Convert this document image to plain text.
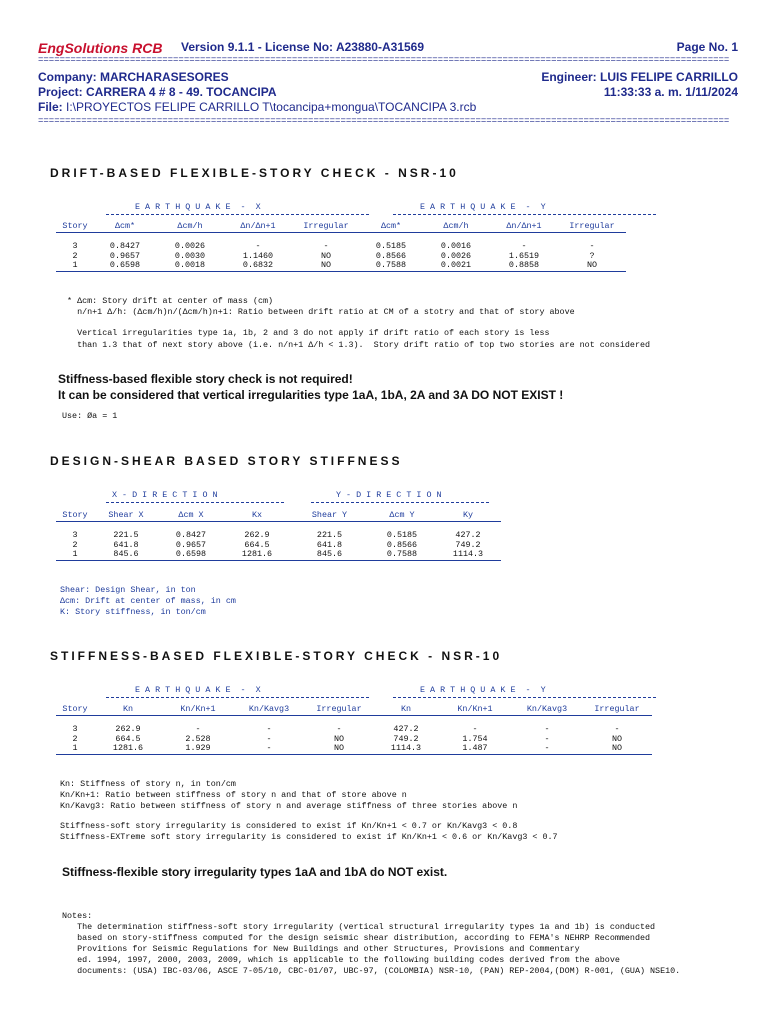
EngSolutions RCB Version 9.1.1 - License No: A23880-A31569	Page No. 1
================================================================================================================================
Company: MARCHARASESORES	Engineer: LUIS FELIPE CARRILLO
Project: CARRERA 4 # 8 - 49. TOCANCIPA	11:33:33 a. m. 1/11/2024
File: I:\PROYECTOS FELIPE CARRILLO T\tocancipa+mongua\TOCANCIPA 3.rcb
================================================================================================================================
DRIFT-BASED FLEXIBLE-STORY CHECK - NSR-10
E A R T H Q U A K E  -  X	E A R T H Q U A K E  -  Y
Story	Δcm*	Δcm/h	Δn/Δn+1	Irregular	Δcm*	Δcm/h	Δn/Δn+1	Irregular

3	0.8427	0.0026	-	-	0.5185	0.0016	-	-
2	0.9657	0.0030	1.1460	NO	0.8566	0.0026	1.6519	?
1	0.6598	0.0018	0.6832	NO	0.7588	0.0021	0.8858	NO

* Δcm: Story drift at center of mass (cm)
n/n+1 Δ/h: (Δcm/h)n/(Δcm/h)n+1: Ratio between drift ratio at CM of a stotry and that of story above
Vertical irregularities type 1a, 1b, 2 and 3 do not apply if drift ratio of each story is less
than 1.3 that of next story above (i.e. n/n+1 Δ/h < 1.3).  Story drift ratio of top two stories are not considered
Stiffness-based flexible story check is not required!
It can be considered that vertical irregularities type 1aA, 1bA, 2A and 3A DO NOT EXIST !
Use: Øa = 1
DESIGN-SHEAR BASED STORY STIFFNESS
X - D I R E C T I O N	Y - D I R E C T I O N
Story	Shear X	Δcm X	Kx	Shear Y	Δcm Y	Ky

3	221.5	0.8427	262.9	221.5	0.5185	427.2
2	641.8	0.9657	664.5	641.8	0.8566	749.2
1	845.6	0.6598	1281.6	845.6	0.7588	1114.3

Shear: Design Shear, in ton
Δcm: Drift at center of mass, in cm
K: Story stiffness, in ton/cm
STIFFNESS-BASED FLEXIBLE-STORY CHECK - NSR-10
E A R T H Q U A K E  -  X	E A R T H Q U A K E  -  Y
Story	Kn	Kn/Kn+1	Kn/Kavg3	Irregular	Kn	Kn/Kn+1	Kn/Kavg3	Irregular

3	262.9	-	-	-	427.2	-	-	-
2	664.5	2.528	-	NO	749.2	1.754	-	NO
1	1281.6	1.929	-	NO	1114.3	1.487	-	NO

Kn: Stiffness of story n, in ton/cm
Kn/Kn+1: Ratio between stiffness of story n and that of store above n
Kn/Kavg3: Ratio between stiffness of story n and average stiffness of three stories above n
Stiffness-soft story irregularity is considered to exist if Kn/Kn+1 < 0.7 or Kn/Kavg3 < 0.8
Stiffness-EXTreme soft story irregularity is considered to exist if Kn/Kn+1 < 0.6 or Kn/Kavg3 < 0.7
Stiffness-flexible story irregularity types 1aA and 1bA do NOT exist.
Notes:
The determination stiffness-soft story irregularity (vertical structural irregularity types 1a and 1b) is conducted
based on story-stiffness computed for the design seismic shear distribution, according to FEMA's NEHRP Recommended
Provitions for Seismic Regulations for New Buildings and other Structures, Provisions and Commentary
ed. 1994, 1997, 2000, 2003, 2009, which is applicable to the following building codes derived from the above
documents: (USA) IBC-03/06, ASCE 7-05/10, CBC-01/07, UBC-97, (COLOMBIA) NSR-10, (PAN) REP-2004,(DOM) R-001, (GUA) NSE10.
